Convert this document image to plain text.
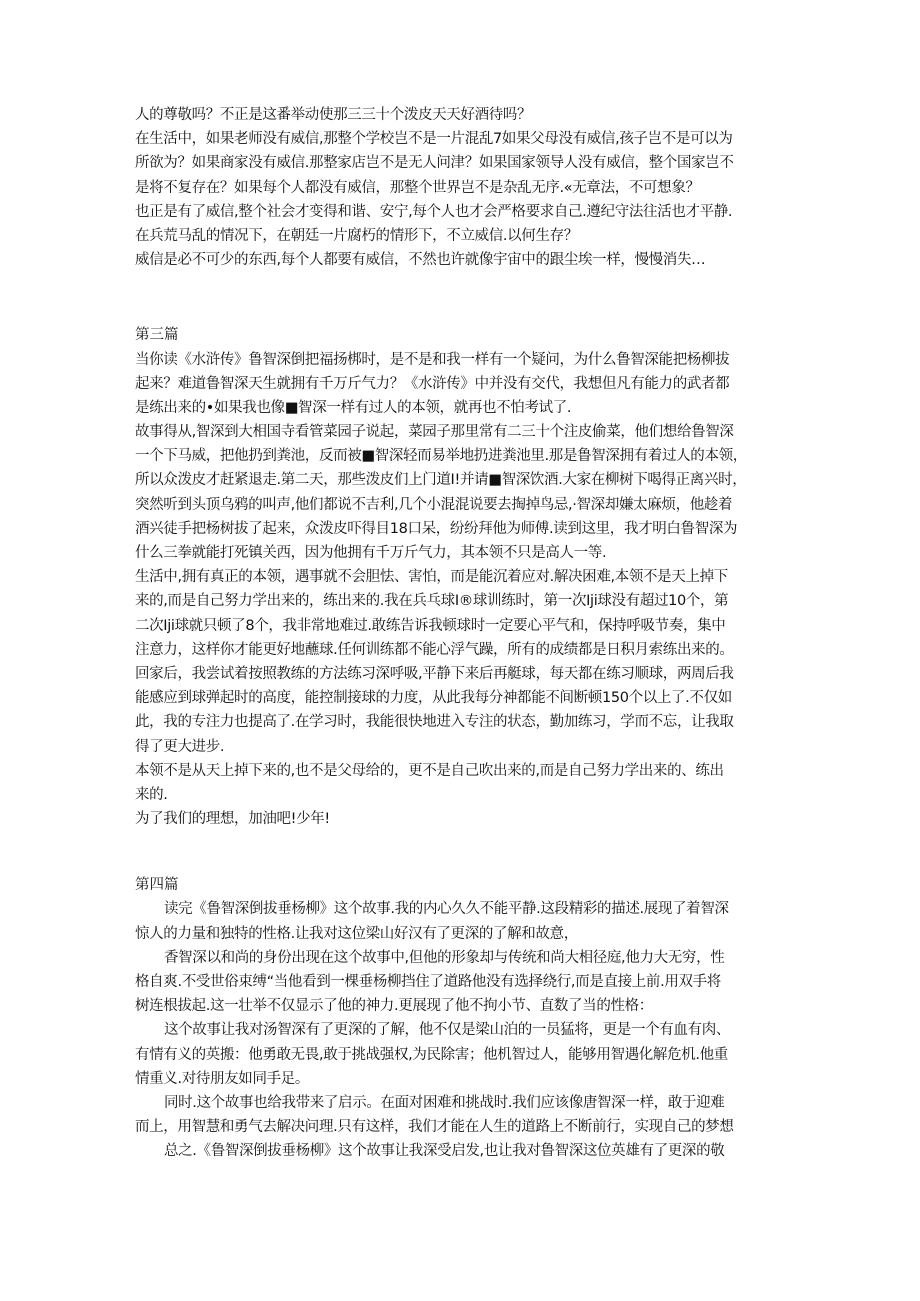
人的尊敬吗？不正是这番举动使那三三十个泼皮天天好酒待吗？
在生活中，如果老师没有威信,那整个学校岂不是一片混乱7如果父母没有威信,孩子岂不是可以为
所欲为？如果商家没有威信.那整家店岂不是无人问津？如果国家领导人没有威信，整个国家岂不
是将不复存在？如果每个人都没有威信，那整个世界岂不是杂乱无序.«无章法，不可想象？
也正是有了威信,整个社会才变得和谐、安宁,每个人也才会严格要求自己.遵纪守法往活也才平静.
在兵荒马乱的情况下，在朝廷一片腐朽的情形下，不立威信.以何生存？
威信是必不可少的东西,每个人都要有威信，不然也许就像宇宙中的跟尘埃一样，慢慢消失…
第三篇
当你读《水浒传》鲁智深倒把福扬梆时，是不是和我一样有一个疑问，为什么鲁智深能把杨柳拔
起来？难道鲁智深天生就拥有千万斤气力？《水浒传》中并没有交代，我想但凡有能力的武者都
是练出来的•如果我也像■智深一样有过人的本领，就再也不怕考试了.
故事得从,智深到大相国寺看管菜园子说起，菜园子那里常有二三十个注皮偷菜，他们想给鲁智深
一个下马威，把他扔到粪池，反而被■智深轻而易举地扔进粪池里.那是鲁智深拥有着过人的本领，
所以众泼皮才赶紧退走.第二天，那些泼皮们上门道I!并请■智深饮酒.大家在柳树下喝得正离兴时，
突然听到头顶乌鸦的叫声,他们都说不吉利,几个小混混说要去掏掉鸟忌,·智深却嫌太麻烦，他趁着
酒兴徒手把杨树拔了起来，众泼皮吓得目18口呆，纷纷拜他为师傅.读到这里，我才明白鲁智深为
什么三拳就能打死镇关西，因为他拥有千万斤气力，其本领不只是高人一等.
生活中,拥有真正的本领，遇事就不会胆怯、害怕，而是能沉着应对.解决困难,本领不是天上掉下
来的,而是自己努力学出来的，练出来的.我在兵乓球I®球训练时，第一次Iji球没有超过10个，第
二次Iji球就只顿了8个，我非常地难过.敢练告诉我顿球时一定要心平气和，保持呼吸节奏，集中
注意力，这样你才能更好地蘸球.任何训练都不能心浮气躁，所有的成绩都是日积月索练出来的。
回家后，我尝试着按照教练的方法练习深呼吸,平静下来后再艇球，每天都在练习顺球，两周后我
能感应到球弹起时的高度，能控制接球的力度，从此我每分神都能不间断顿150个以上了.不仅如
此，我的专注力也提高了.在学习时，我能很快地进入专注的状态，勤加练习，学而不忘，让我取
得了更大进步.
本领不是从天上掉下来的,也不是父母给的，更不是自己吹出来的,而是自己努力学出来的、练出
来的.
为了我们的理想，加油吧!少年!
第四篇
读完《鲁智深倒拔垂杨柳》这个故事.我的内心久久不能平静.这段精彩的描述.展现了着智深
惊人的力量和独特的性格.让我对这位梁山好汉有了更深的了解和故意，
香智深以和尚的身份出现在这个故事中,但他的形象却与传统和尚大相径庭,他力大无穷，性
格自爽.不受世俗束缚“当他看到一棵垂杨柳挡住了道路他没有选择绕行,而是直接上前.用双手将
树连根拔起.这一壮举不仅显示了他的神力.更展现了他不拘小节、直数了当的性格：
这个故事让我对汤智深有了更深的了解，他不仅是梁山泊的一员猛将，更是一个有血有肉、
有情有义的英搬：他勇敢无畏,敢于挑战强权,为民除害；他机智过人，能够用智遇化解危机.他重
情重义.对待朋友如同手足。
同时.这个故事也给我带来了启示。在面对困难和挑战时.我们应该像唐智深一样，敢于迎难
而上，用智慧和勇气去解决问理.只有这样，我们才能在人生的道路上不断前行，实现自己的梦想
总之.《鲁智深倒拔垂杨柳》这个故事让我深受启发,也让我对鲁智深这位英雄有了更深的敬
